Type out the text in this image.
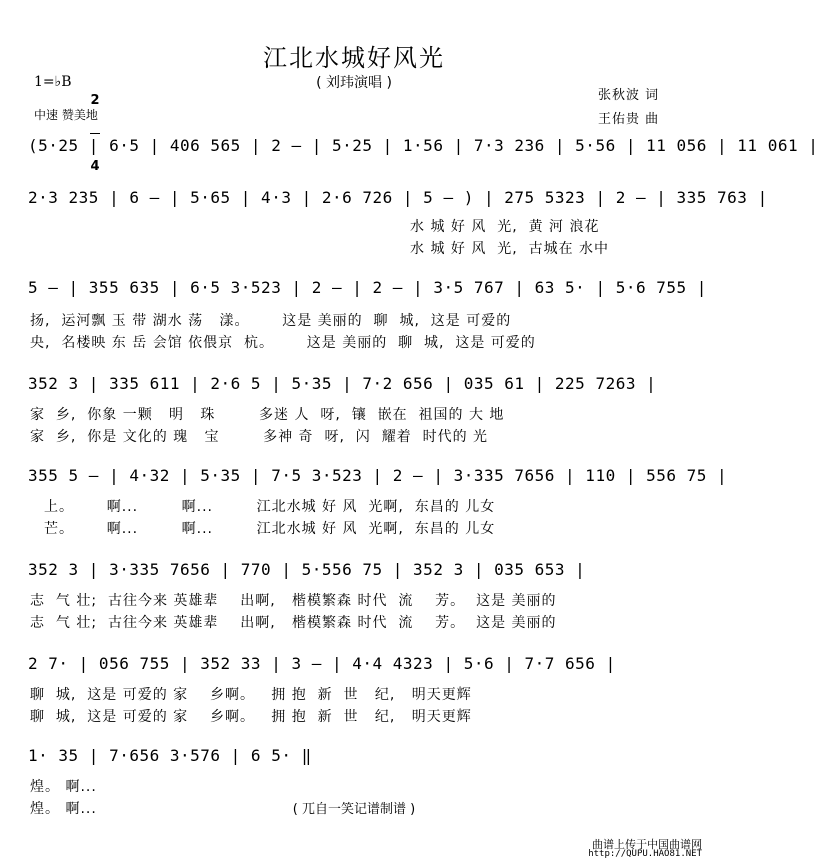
江北水城好风光
( 刘玮演唱 )
1=♭B

2

4

中速 赞美地
张秋波 词
王佑贵 曲
(5·25 | 6·5 | 406 565 | 2 – | 5·25 | 1·56 | 7·3 236 | 5·56 | 11 056 | 11 061 |
2·3 235 | 6 – | 5·65 | 4·3 | 2·6 726 | 5 – ) | 275 5323 | 2 – | 335 763 |
水 城 好 风  光,  黄 河 浪花
水 城 好 风  光,  古城在 水中
5 – | 355 635 | 6·5 3·523 | 2 – | 2 – | 3·5 767 | 63 5· | 5·6 755 |
扬,  运河飘 玉 带 湖水 荡   漾。      这是 美丽的  聊  城,  这是 可爱的
央,  名楼映 东 岳 会馆 依偎京  杭。      这是 美丽的  聊  城,  这是 可爱的
352 3 | 335 611 | 2·6 5 | 5·35 | 7·2 656 | 035 61 | 225 7263 |
家  乡,  你象 一颗   明   珠        多迷 人  呀,  镶  嵌在  祖国的 大 地
家  乡,  你是 文化的 瑰   宝        多神 奇  呀,  闪  耀着  时代的 光
355 5 – | 4·32 | 5·35 | 7·5 3·523 | 2 – | 3·335 7656 | 110 | 556 75 |
上。      啊...        啊...        江北水城 好 风  光啊,  东昌的 儿女
芒。      啊...        啊...        江北水城 好 风  光啊,  东昌的 儿女
352 3 | 3·335 7656 | 770 | 5·556 75 | 352 3 | 035 653 |
志  气 壮;  古往今来 英雄辈    出啊,   楷模繁森 时代  流    芳。  这是 美丽的
志  气 壮;  古往今来 英雄辈    出啊,   楷模繁森 时代  流    芳。  这是 美丽的
2 7· | 056 755 | 352 33 | 3 – | 4·4 4323 | 5·6 | 7·7 656 |
聊  城,  这是 可爱的 家    乡啊。   拥 抱  新  世   纪,   明天更辉
聊  城,  这是 可爱的 家    乡啊。   拥 抱  新  世   纪,   明天更辉
1· 35 | 7·656 3·576 | 6 5· ‖
煌。 啊...
煌。 啊...	( 兀自一笑记谱制谱 )
曲谱上传于中国曲谱网
http://QUPU.HAO81.NET
